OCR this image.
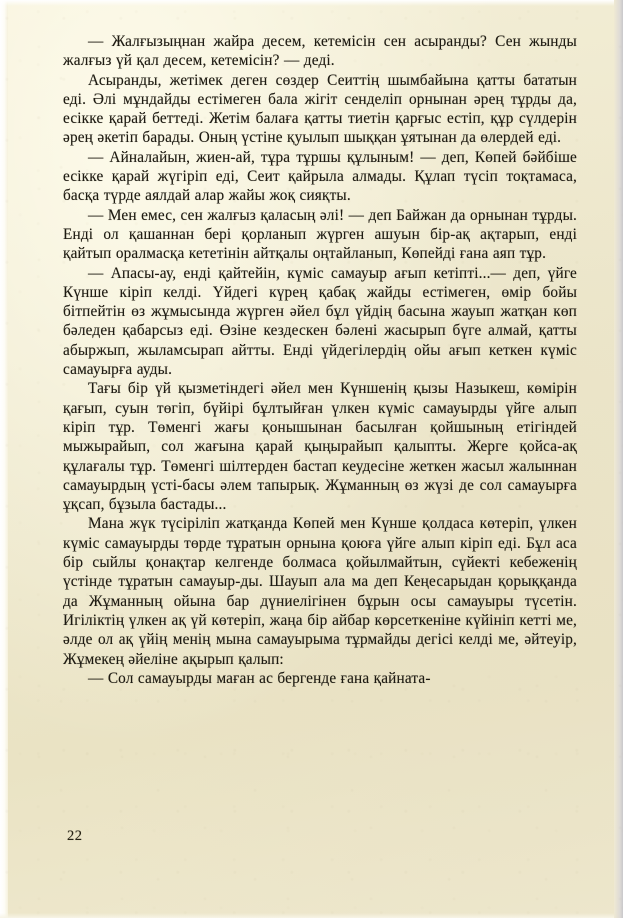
— Жалғызыңнан жайра десем, кетемісін сен асыранды? Сен жынды жалғыз үй қал десем, кетемісін? — деді.

Асыранды, жетімек деген сөздер Сеиттің шымбайына қатты бататын еді. Әлі мұндайды естімеген бала жігіт сенделіп орнынан әрең тұрды да, есікке қарай беттеді. Жетім балаға қатты тиетін қарғыс естіп, құр сүлдерін әрең әкетіп барады. Оның үстіне қуылып шыққан ұятынан да өлердей еді.

— Айналайын, жиен-ай, тұра тұршы құлыным! — деп, Көпей бәйбіше есікке қарай жүгіріп еді, Сеит қайрыла алмады. Құлап түсіп тоқтамаса, басқа түрде аялдай алар жайы жоқ сияқты.

— Мен емес, сен жалғыз қаласың әлі! — деп Байжан да орнынан тұрды. Енді ол қашаннан бері қорланып жүрген ашуын бір-ақ ақтарып, енді қайтып оралмасқа кететінін айтқалы оңтайланып, Көпейді ғана аяп тұр.

— Апасы-ау, енді қайтейін, күміс самауыр ағып кетіпті...— деп, үйге Күнше кіріп келді. Үйдегі күрең қабақ жайды естімеген, өмір бойы бітпейтін өз жұмысында жүрген әйел бұл үйдің басына жауып жатқан көп бәледен қабарсыз еді. Өзіне кездескен бәлені жасырып бүге алмай, қатты абыржып, жыламсырап айтты. Енді үйдегілердің ойы ағып кеткен күміс самауырға ауды.

Тағы бір үй қызметіндегі әйел мен Күншенің қызы Назыкеш, көмірін қағып, суын төгіп, бүйірі бұлтыйған үлкен күміс самауырды үйге алып кіріп тұр. Төменгі жағы қонышынан басылған қойшының етігіндей мыжырайып, сол жағына қарай қыңырайып қалыпты. Жерге қойса-ақ құлағалы тұр. Төменгі шілтерден бастап кеудесіне жеткен жасыл жалыннан самауырдың үсті-басы әлем тапырық. Жұманның өз жүзі де сол самауырға ұқсап, бұзыла бастады...

Мана жүк түсіріліп жатқанда Көпей мен Күнше қолдаса көтеріп, үлкен күміс самауырды төрде тұратын орнына қоюға үйге алып кіріп еді. Бұл аса бір сыйлы қонақтар келгенде болмаса қойылмайтын, сүйекті кебеженің үстінде тұратын самауыр-ды. Шауып ала ма деп Кеңесарыдан қорыққанда да Жұманның ойына бар дүниелігінен бұрын осы самауыры түсетін. Игіліктің үлкен ақ үй көтеріп, жаңа бір айбар көрсеткеніне күйініп кетті ме, әлде ол ақ үйің менің мына самауырыма тұрмайды дегісі келді ме, әйтеуір, Жұмекең әйеліне ақырып қалып:

— Сол самауырды маған ас бергенде ғана қайната-

22
